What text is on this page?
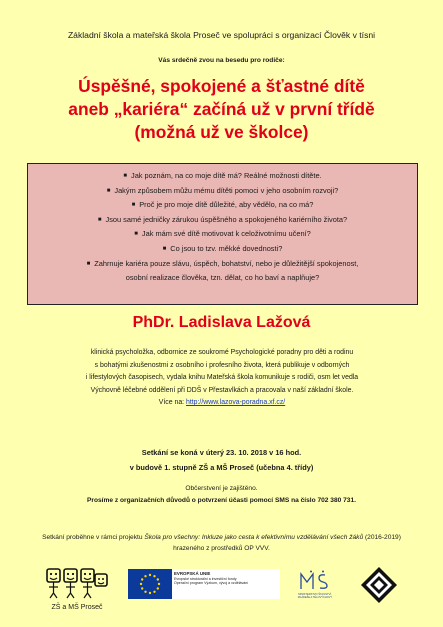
Základní škola a mateřská škola Proseč ve spolupráci s organizací Člověk v tísni
Vás srdečně zvou na besedu pro rodiče:
Úspěšné, spokojené a šťastné dítě
aneb „kariéra“ začíná už v první třídě
(možná už ve školce)
■ Jak poznám, na co moje dítě má? Reálné možnosti dítěte.
■ Jakým způsobem můžu mému dítěti pomoci v jeho osobním rozvoji?
■ Proč je pro moje dítě důležité, aby vědělo, na co má?
■ Jsou samé jedničky zárukou úspěšného a spokojeného kariérního života?
■ Jak mám své dítě motivovat k celoživotnímu učení?
■ Co jsou to tzv. měkké dovednosti?
■ Zahrnuje kariéra pouze slávu, úspěch, bohatství, nebo je důležitější spokojenost,
osobní realizace člověka, tzn. dělat, co ho baví a naplňuje?
PhDr. Ladislava Lažová
klinická psycholožka, odbornice ze soukromé Psychologické poradny pro děti a rodinu
s bohatými zkušenostmi z osobního i profesního života, která publikuje v odborných
i lifestylových časopisech, vydala knihu Mateřská škola komunikuje s rodiči, osm let vedla
Výchovně léčebné oddělení při DDŠ v Přestavlkách a pracovala v naší základní škole.
Více na: http://www.lazova-poradna.xf.cz/
Setkání se koná v úterý 23. 10. 2018 v 16 hod.
v budově 1. stupně ZŠ a MŠ Proseč (učebna 4. třídy)
Občerstvení je zajištěno.
Prosíme z organizačních důvodů o potvrzení účasti pomocí SMS na číslo 702 380 731.
Setkání proběhne v rámci projektu Škola pro všechny: Inkluze jako cesta k efektivnímu vzdělávání všech žáků (2016-2019) hrazeného z prostředků OP VVV.
ZŠ a MŠ Proseč
EVROPSKÁ UNIE
Evropské strukturální a investiční fondy
Operační program Výzkum, vývoj a vzdělávání
MINISTERSTVO ŠKOLSTVÍ,
MLÁDEŽE A TĚLOVÝCHOVY
